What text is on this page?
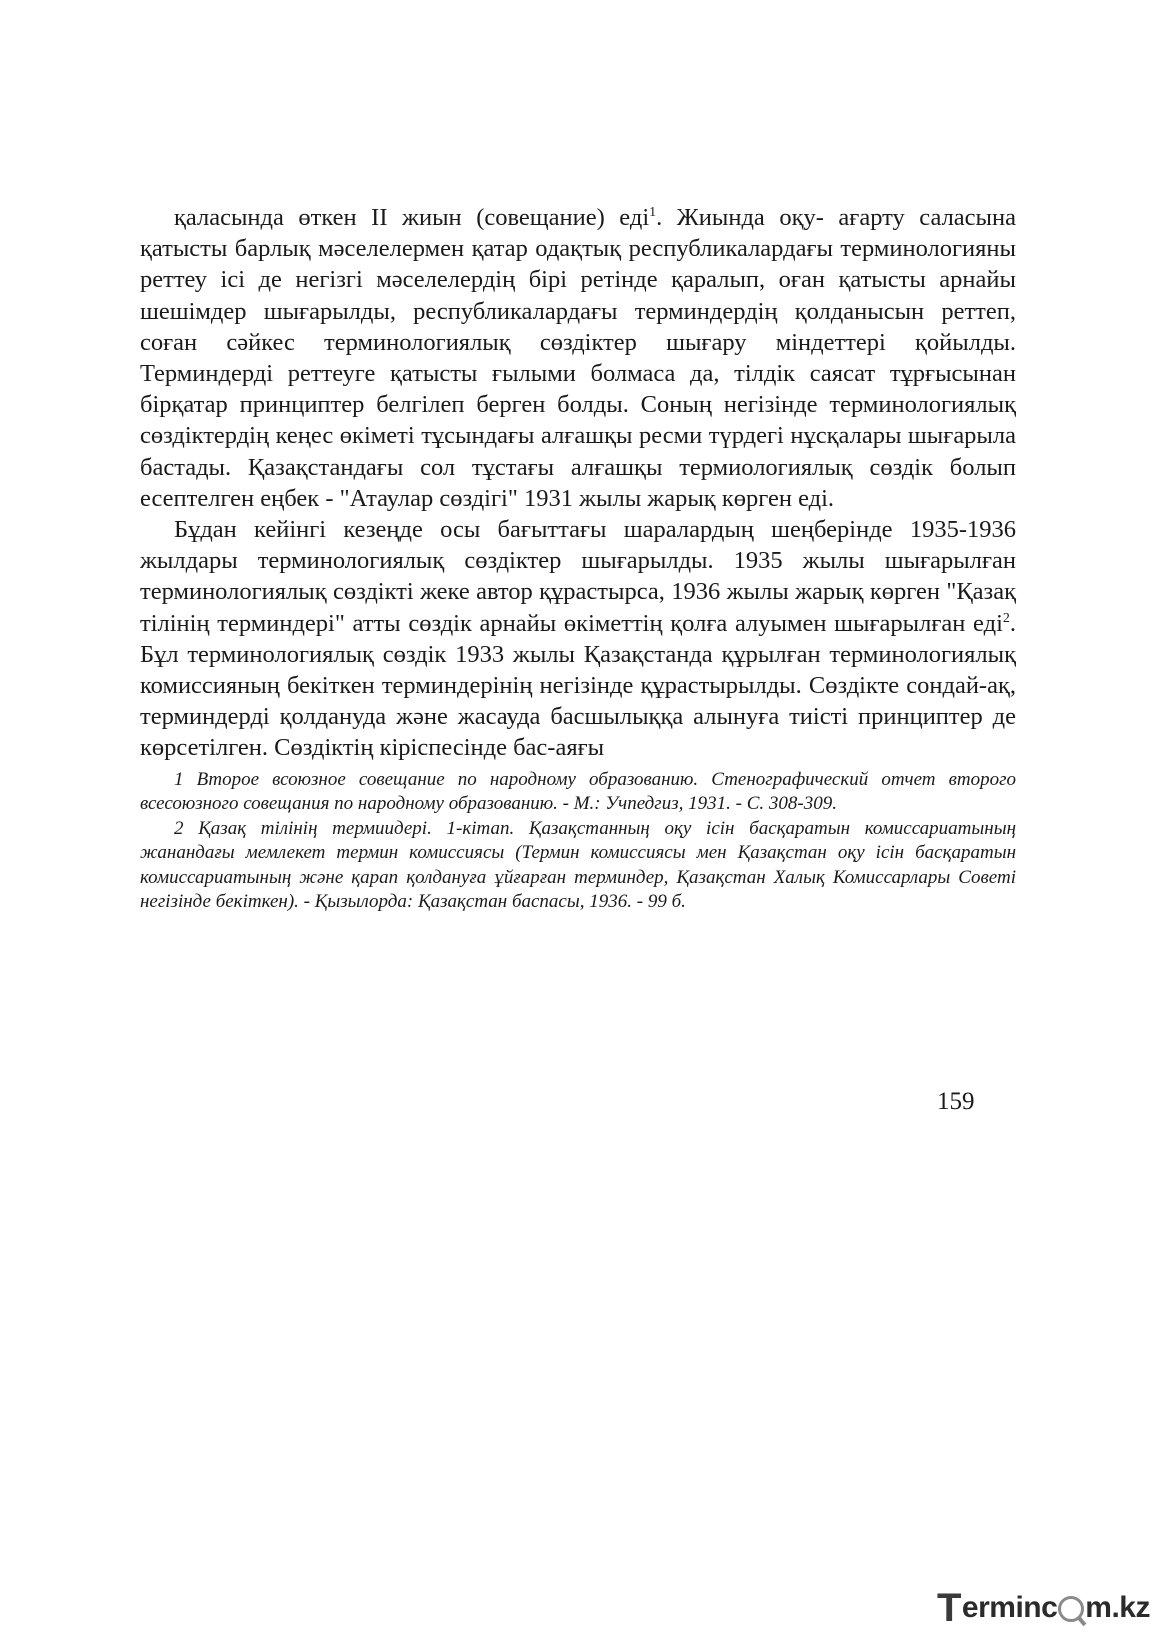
қаласында өткен II жиын (совещание) еді$^1$. Жиында оқу- ағарту саласына қатысты барлық мәселелермен қатар одақтық республикалардағы терминологияны реттеу ісі де негізгі мәселелердің бірі ретінде қаралып, оған қатысты арнайы шешімдер шығарылды, республикалардағы терминдердің қолданысын реттеп, соған сәйкес терминологиялық сөздіктер шығару міндеттері қойылды. Терминдерді реттеуге қатысты ғылыми болмаса да, тілдік саясат тұрғысынан бірқатар принциптер белгілеп берген болды. Соның негізінде терминологиялық сөздіктердің кеңес өкіметі тұсындағы алғашқы ресми түрдегі нұсқалары шығарыла бастады. Қазақстандағы сол тұстағы алғашқы термиологиялық сөздік болып есептелген еңбек - "Атаулар сөздігі" 1931 жылы жарық көрген еді.

Бұдан кейінгі кезеңде осы бағыттағы шаралардың шеңберінде 1935-1936 жылдары терминологиялық сөздіктер шығарылды. 1935 жылы шығарылған терминологиялық сөздікті жеке автор құрастырса, 1936 жылы жарық көрген "Қазақ тілінің терминдері" атты сөздік арнайы өкіметтің қолға алуымен шығарылған еді$^2$. Бұл терминологиялық сөздік 1933 жылы Қазақстанда құрылған терминологиялық комиссияның бекіткен терминдерінің негізінде құрастырылды. Сөздікте сондай-ақ, терминдерді қолдануда және жасауда басшылыққа алынуға тиісті принциптер де көрсетілген. Сөздіктің кіріспесінде бас-аяғы

1 Второе всоюзное совещание по народному образованию. Стенографический отчет второго всесоюзного совещания по народному образованию. - М.: Учпедгиз, 1931. - С. 308-309.

2 Қазақ тілінің термиидері. 1-кітап. Қазақстанның оқу ісін басқаратын комиссариатының жанандағы мемлекет термин комиссиясы (Термин комиссиясы мен Қазақстан оқу ісін басқаратын комиссариатының және қарап қолдануға ұйғарған терминдер, Қазақстан Халық Комиссарлары Советі негізінде бекіткен). - Қызылорда: Қазақстан баспасы, 1936. - 99 б.

159
T erminc m.kz
